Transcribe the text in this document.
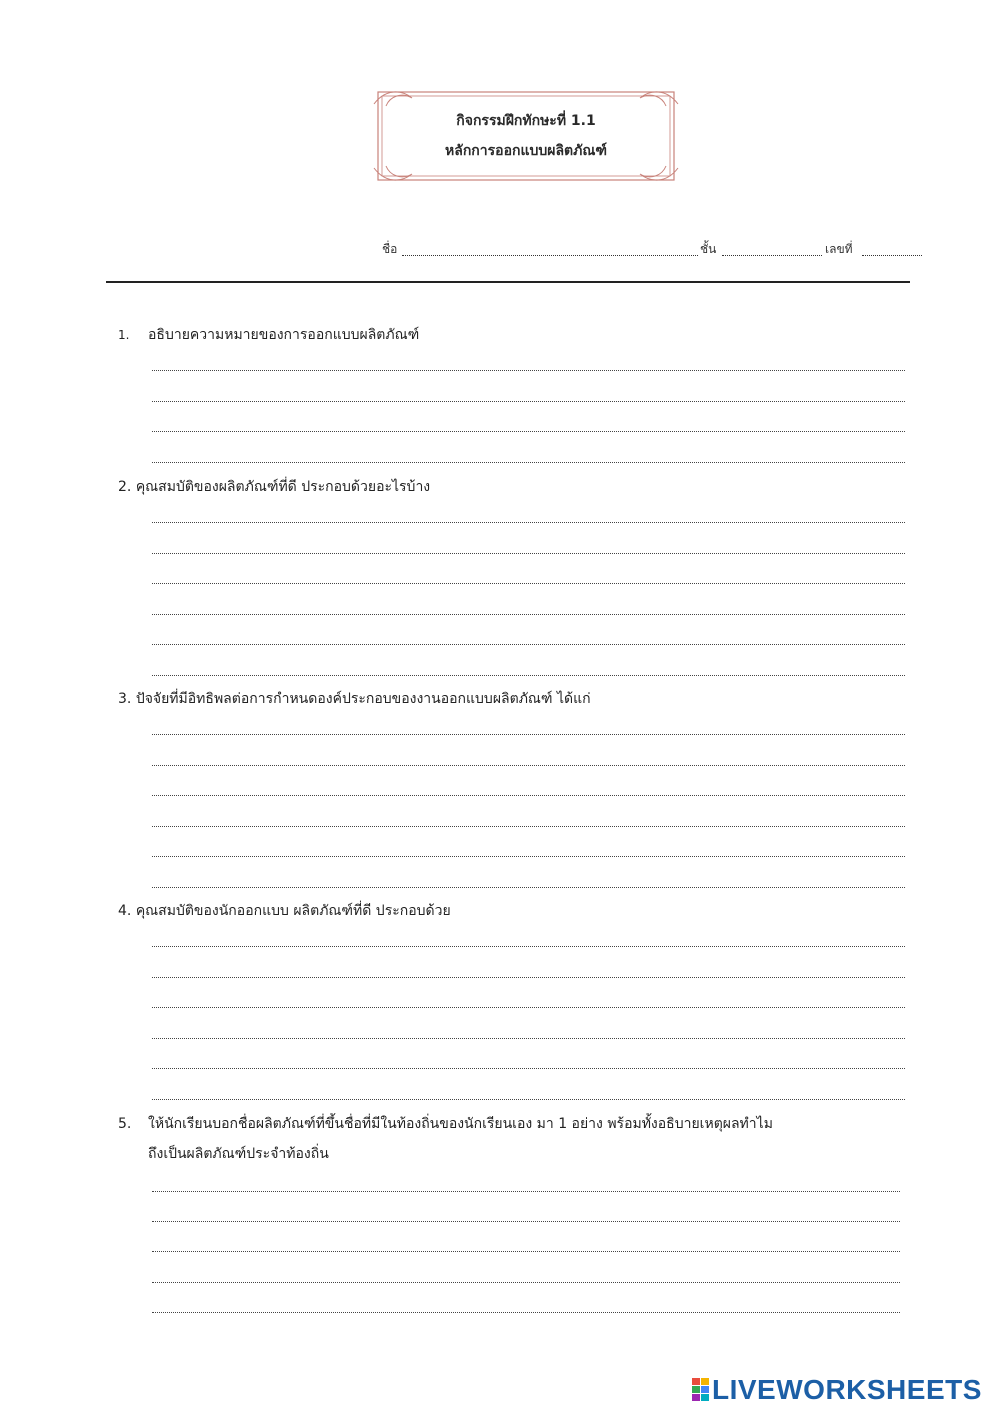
กิจกรรมฝึกทักษะที่ 1.1
หลักการออกแบบผลิตภัณฑ์
ชื่อ	ชั้น	เลขที่
1. อธิบายความหมายของการออกแบบผลิตภัณฑ์
2. คุณสมบัติของผลิตภัณฑ์ที่ดี ประกอบด้วยอะไรบ้าง
3. ปัจจัยที่มีอิทธิพลต่อการกำหนดองค์ประกอบของงานออกแบบผลิตภัณฑ์ ได้แก่
4. คุณสมบัติของนักออกแบบ ผลิตภัณฑ์ที่ดี ประกอบด้วย
5. ให้นักเรียนบอกชื่อผลิตภัณฑ์ที่ขึ้นชื่อที่มีในท้องถิ่นของนักเรียนเอง มา 1 อย่าง พร้อมทั้งอธิบายเหตุผลทำไม
ถึงเป็นผลิตภัณฑ์ประจำท้องถิ่น
LIVEWORKSHEETS
